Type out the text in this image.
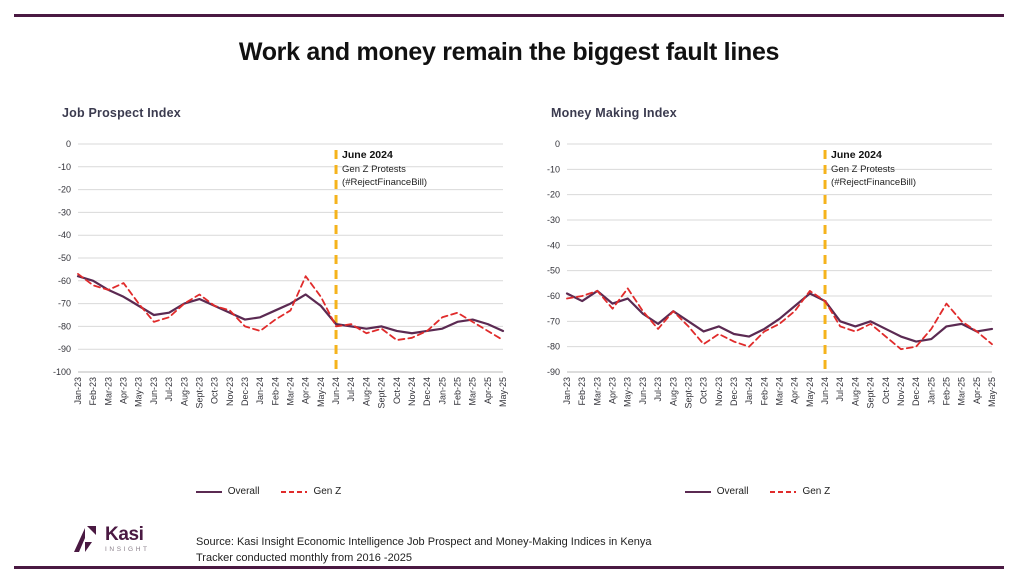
Work and money remain the biggest fault lines
Job Prospect Index
0
-10
-20
-30
-40
-50
-60
-70
-80
-90
-100
Jan-23 Feb-23 Mar-23 Apr-23 May-23 Jun-23 Jul-23 Aug-23 Sept-23 Oct-23 Nov-23 Dec-23 Jan-24 Feb-24 Mar-24 Apr-24 May-24 Jun-24 Jul-24 Aug-24 Sept-24 Oct-24 Nov-24 Dec-24 Jan-25 Feb-25 Mar-25 Apr-25 May-25
June 2024
Gen Z Protests
(#RejectFinanceBill)
Overall	Gen Z
Money Making Index
0
-10
-20
-30
-40
-50
-60
-70
-80
-90
Jan-23 Feb-23 Mar-23 Apr-23 May-23 Jun-23 Jul-23 Aug-23 Sept-23 Oct-23 Nov-23 Dec-23 Jan-24 Feb-24 Mar-24 Apr-24 May-24 Jun-24 Jul-24 Aug-24 Sept-24 Oct-24 Nov-24 Dec-24 Jan-25 Feb-25 Mar-25 Apr-25 May-25
June 2024
Gen Z Protests
(#RejectFinanceBill)
Overall	Gen Z
Kasi
INSIGHT
Source: Kasi Insight Economic Intelligence Job Prospect and Money-Making Indices in Kenya
Tracker conducted monthly from 2016 -2025
